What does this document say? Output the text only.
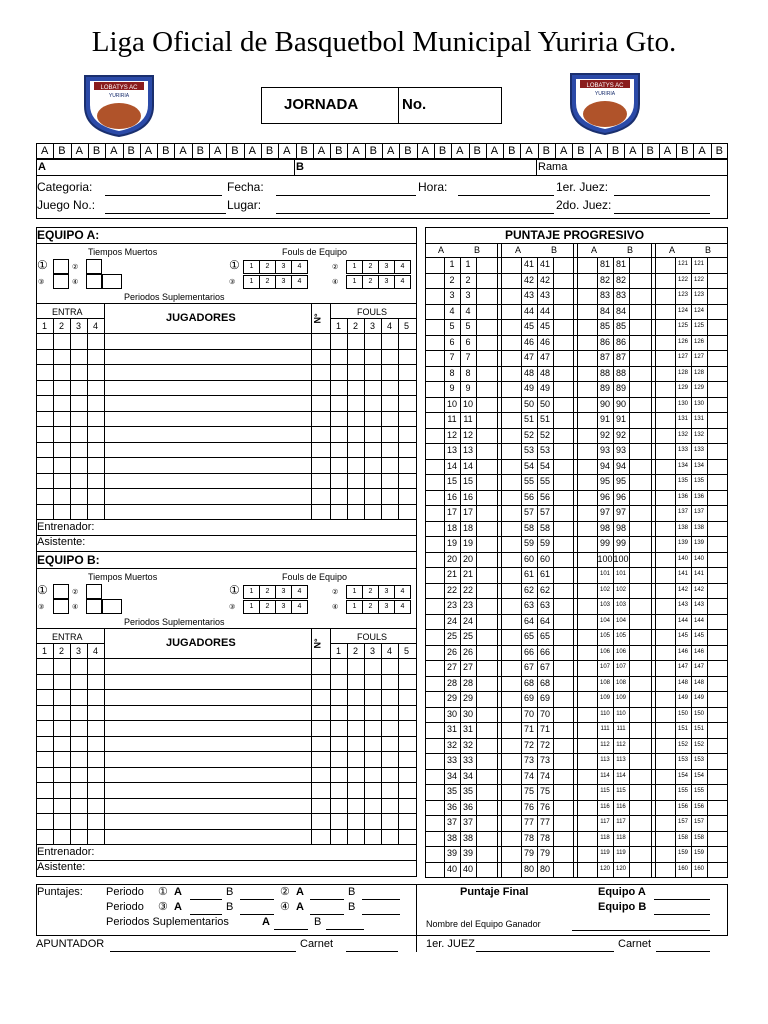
Liga Oficial de Basquetbol Municipal Yuriria Gto.
LOBATYS AC
YURIRIA
LOBATYS AC
YURIRIA
JORNADA	No.
A B A B A B A B A B A B A B A B A B A B A B A B A B A B A B A B A B A B A B A B
A	B	Rama
Categoria:	Fecha:	Hora:	1er. Juez:
Juego No.:	Lugar:	2do. Juez:
EQUIPO A:
Tiempos Muertos	Fouls de Equipo
①	②
③	④
①	1	2	3	4	②	1	2	3	4
③	1	2	3	4	④	1	2	3	4
Periodos Suplementarios
ENTRA	JUGADORES	N°
FOULS
1	2	3	4	1	2	3	4	5
Entrenador:
Asistente:
EQUIPO B:
Tiempos Muertos	Fouls de Equipo
①	②
③	④
①	1	2	3	4	②	1	2	3	4
③	1	2	3	4	④	1	2	3	4
Periodos Suplementarios
ENTRA	JUGADORES	N°
FOULS
1	2	3	4	1	2	3	4	5
Entrenador:
Asistente:
PUNTAJE PROGRESIVO
A	B
1	1
2	2
3	3
4	4
5	5
6	6
7	7
8	8
9	9
10 10
11 11
12 12
13 13
14 14
15 15
16 16
17 17
18 18
19 19
20 20
21 21
22 22
23 23
24 24
25 25
26 26
27 27
28 28
29 29
30 30
31 31
32 32
33 33
34 34
35 35
36 36
37 37
38 38
39 39
40 40
A	B
41 41
42 42
43 43
44 44
45 45
46 46
47 47
48 48
49 49
50 50
51 51
52 52
53 53
54 54
55 55
56 56
57 57
58 58
59 59
60 60
61 61
62 62
63 63
64 64
65 65
66 66
67 67
68 68
69 69
70 70
71 71
72 72
73 73
74 74
75 75
76 76
77 77
78 78
79 79
80 80
A	B
81 81
82 82
83 83
84 84
85 85
86 86
87 87
88 88
89 89
90 90
91 91
92 92
93 93
94 94
95 95
96 96
97 97
98 98
99 99
100 100
101 101
102 102
103 103
104 104
105 105
106 106
107 107
108 108
109 109
110	110
111	111
112	112
113	113
114	114
115	115
116	116
117	117
118	118
119	119
120 120
A	B
121 121
122 122
123 123
124 124
125 125
126 126
127 127
128 128
129 129
130 130
131 131
132 132
133 133
134 134
135 135
136 136
137 137
138 138
139 139
140 140
141 141
142 142
143 143
144 144
145 145
146 146
147 147
148 148
149 149
150 150
151 151
152 152
153 153
154 154
155 155
156 156
157 157
158 158
159 159
160 160
Puntajes: Periodo ① A	B	② A	B
Periodo ③ A	B	④ A	B
Periodos Suplementarios	A	B
Puntaje Final	Equipo A
Equipo B
Nombre del Equipo Ganador
APUNTADOR	Carnet	1er. JUEZ	Carnet
